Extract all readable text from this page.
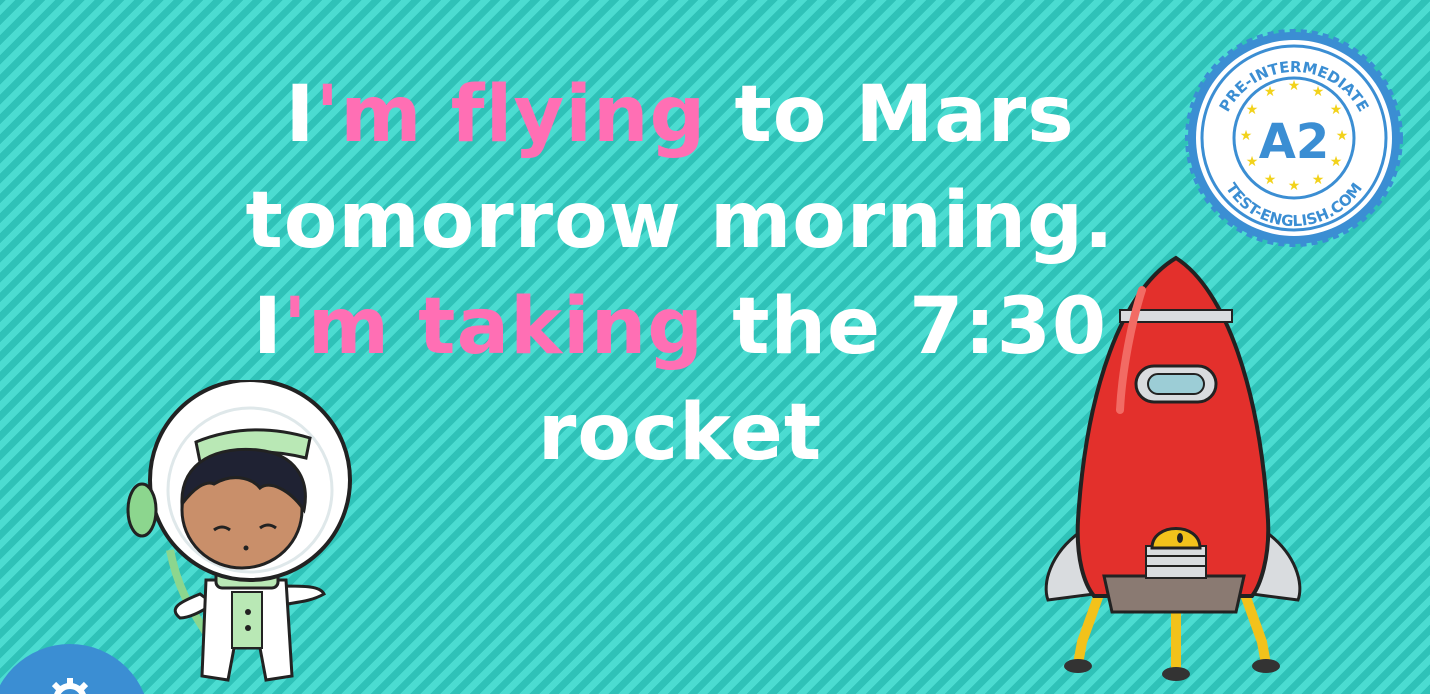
I'm flying to Mars
tomorrow morning.
I'm taking the 7:30
rocket
★ ★
★
★
★
★
★
★
★
★
★
★
PRE-INTERMEDIATE
TEST-ENGLISH.COM
A2
